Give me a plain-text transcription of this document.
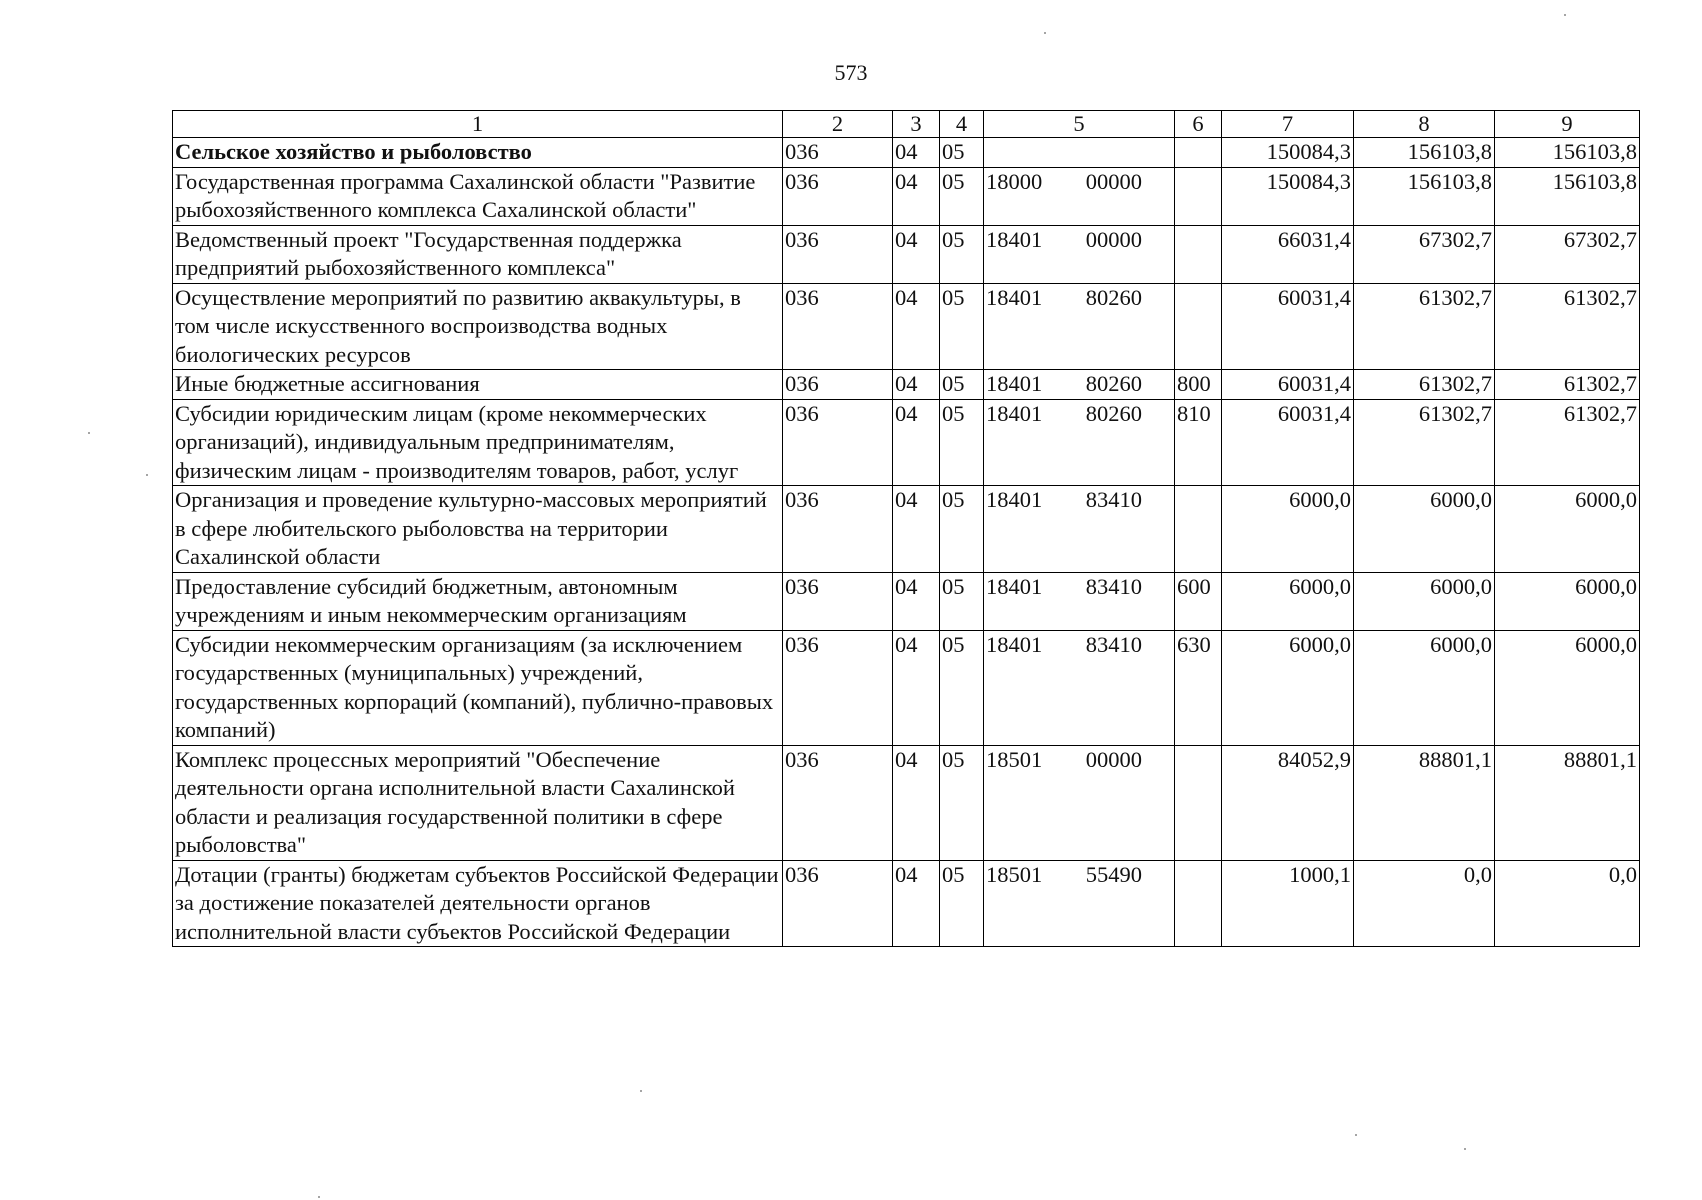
573
1	2	3	4	5	6	7	8	9
Сельское хозяйство и рыболовство	036	04	05			150084,3	156103,8	156103,8
Государственная программа Сахалинской области "Развитие рыбохозяйственного комплекса Сахалинской области"	036	04	05	18000 00000		150084,3	156103,8	156103,8
Ведомственный проект "Государственная поддержка предприятий рыбохозяйственного комплекса"	036	04	05	18401 00000		66031,4	67302,7	67302,7
Осуществление мероприятий по развитию аквакультуры, в том числе искусственного воспроизводства водных биологических ресурсов	036	04	05	18401 80260		60031,4	61302,7	61302,7
Иные бюджетные ассигнования	036	04	05	18401 80260	800	60031,4	61302,7	61302,7
Субсидии юридическим лицам (кроме некоммерческих организаций), индивидуальным предпринимателям, физическим лицам - производителям товаров, работ, услуг	036	04	05	18401 80260	810	60031,4	61302,7	61302,7
Организация и проведение культурно-массовых мероприятий в сфере любительского рыболовства на территории Сахалинской области	036	04	05	18401 83410		6000,0	6000,0	6000,0
Предоставление субсидий бюджетным, автономным учреждениям и иным некоммерческим организациям	036	04	05	18401 83410	600	6000,0	6000,0	6000,0
Субсидии некоммерческим организациям (за исключением государственных (муниципальных) учреждений, государственных корпораций (компаний), публично-правовых компаний)	036	04	05	18401 83410	630	6000,0	6000,0	6000,0
Комплекс процессных мероприятий "Обеспечение деятельности органа исполнительной власти Сахалинской области и реализация государственной политики в сфере рыболовства"	036	04	05	18501 00000		84052,9	88801,1	88801,1
Дотации (гранты) бюджетам субъектов Российской Федерации за достижение показателей деятельности органов исполнительной власти субъектов Российской Федерации	036	04	05	18501 55490		1000,1	0,0	0,0
